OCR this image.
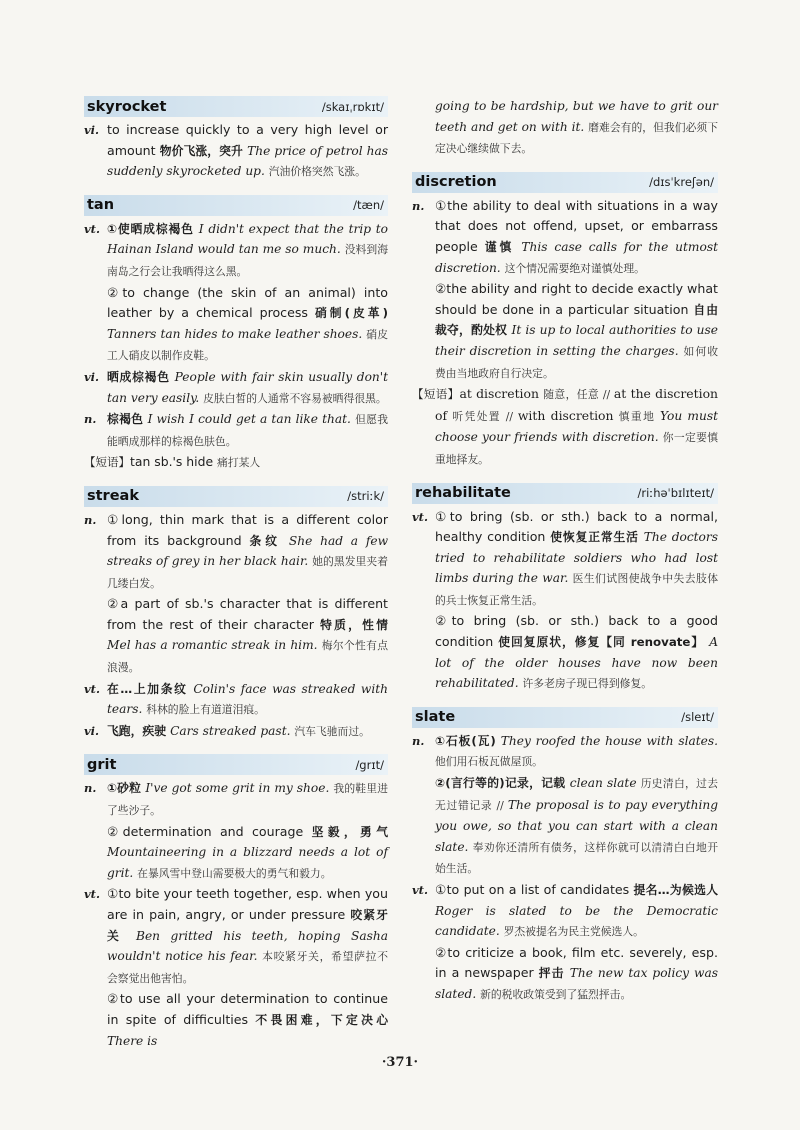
skyrocket	/skaɪˌrɒkɪt/

vi. to increase quickly to a very high level or amount 物价飞涨，突升 The price of petrol has suddenly skyrocketed up. 汽油价格突然飞涨。

tan	/tæn/

vt. ①使晒成棕褐色 I didn't expect that the trip to Hainan Island would tan me so much. 没料到海南岛之行会让我晒得这么黑。

②to change (the skin of an animal) into leather by a chemical process 硝制(皮革) Tanners tan hides to make leather shoes. 硝皮工人硝皮以制作皮鞋。

vi. 晒成棕褐色 People with fair skin usually don't tan very easily. 皮肤白皙的人通常不容易被晒得很黑。

n. 棕褐色 I wish I could get a tan like that. 但愿我能晒成那样的棕褐色肤色。

【短语】tan sb.'s hide 痛打某人

streak	/striːk/

n. ①long, thin mark that is a different color from its background 条纹 She had a few streaks of grey in her black hair. 她的黑发里夹着几缕白发。

②a part of sb.'s character that is different from the rest of their character 特质，性情 Mel has a romantic streak in him. 梅尔个性有点浪漫。

vt. 在…上加条纹 Colin's face was streaked with tears. 科林的脸上有道道泪痕。

vi. 飞跑，疾驶 Cars streaked past. 汽车飞驰而过。

grit	/grɪt/

n. ①砂粒 I've got some grit in my shoe. 我的鞋里进了些沙子。

②determination and courage 坚毅，勇气 Mountaineering in a blizzard needs a lot of grit. 在暴风雪中登山需要极大的勇气和毅力。

vt. ①to bite your teeth together, esp. when you are in pain, angry, or under pressure 咬紧牙关 Ben gritted his teeth, hoping Sasha wouldn't notice his fear. 本咬紧牙关，希望萨拉不会察觉出他害怕。

②to use all your determination to continue in spite of difficulties 不畏困难，下定决心 There is

going to be hardship, but we have to grit our teeth and get on with it. 磨难会有的，但我们必须下定决心继续做下去。

discretion	/dɪsˈkreʃən/

n. ①the ability to deal with situations in a way that does not offend, upset, or embarrass people 谨慎 This case calls for the utmost discretion. 这个情况需要绝对谨慎处理。

②the ability and right to decide exactly what should be done in a particular situation 自由裁夺，酌处权 It is up to local authorities to use their discretion in setting the charges. 如何收费由当地政府自行决定。

【短语】at discretion 随意，任意 // at the discretion of 听凭处置 // with discretion 慎重地 You must choose your friends with discretion. 你一定要慎重地择友。

rehabilitate	/riːhəˈbɪlɪteɪt/

vt. ①to bring (sb. or sth.) back to a normal, healthy condition 使恢复正常生活 The doctors tried to rehabilitate soldiers who had lost limbs during the war. 医生们试图使战争中失去肢体的兵士恢复正常生活。

②to bring (sb. or sth.) back to a good condition 使回复原状，修复【同 renovate】 A lot of the older houses have now been rehabilitated. 许多老房子现已得到修复。

slate	/sleɪt/

n. ①石板(瓦) They roofed the house with slates. 他们用石板瓦做屋顶。

②(言行等的)记录，记载 clean slate 历史清白，过去无过错记录 // The proposal is to pay everything you owe, so that you can start with a clean slate. 奉劝你还清所有债务，这样你就可以清清白白地开始生活。

vt. ①to put on a list of candidates 提名…为候选人 Roger is slated to be the Democratic candidate. 罗杰被提名为民主党候选人。

②to criticize a book, film etc. severely, esp. in a newspaper 抨击 The new tax policy was slated. 新的税收政策受到了猛烈抨击。

·371·
